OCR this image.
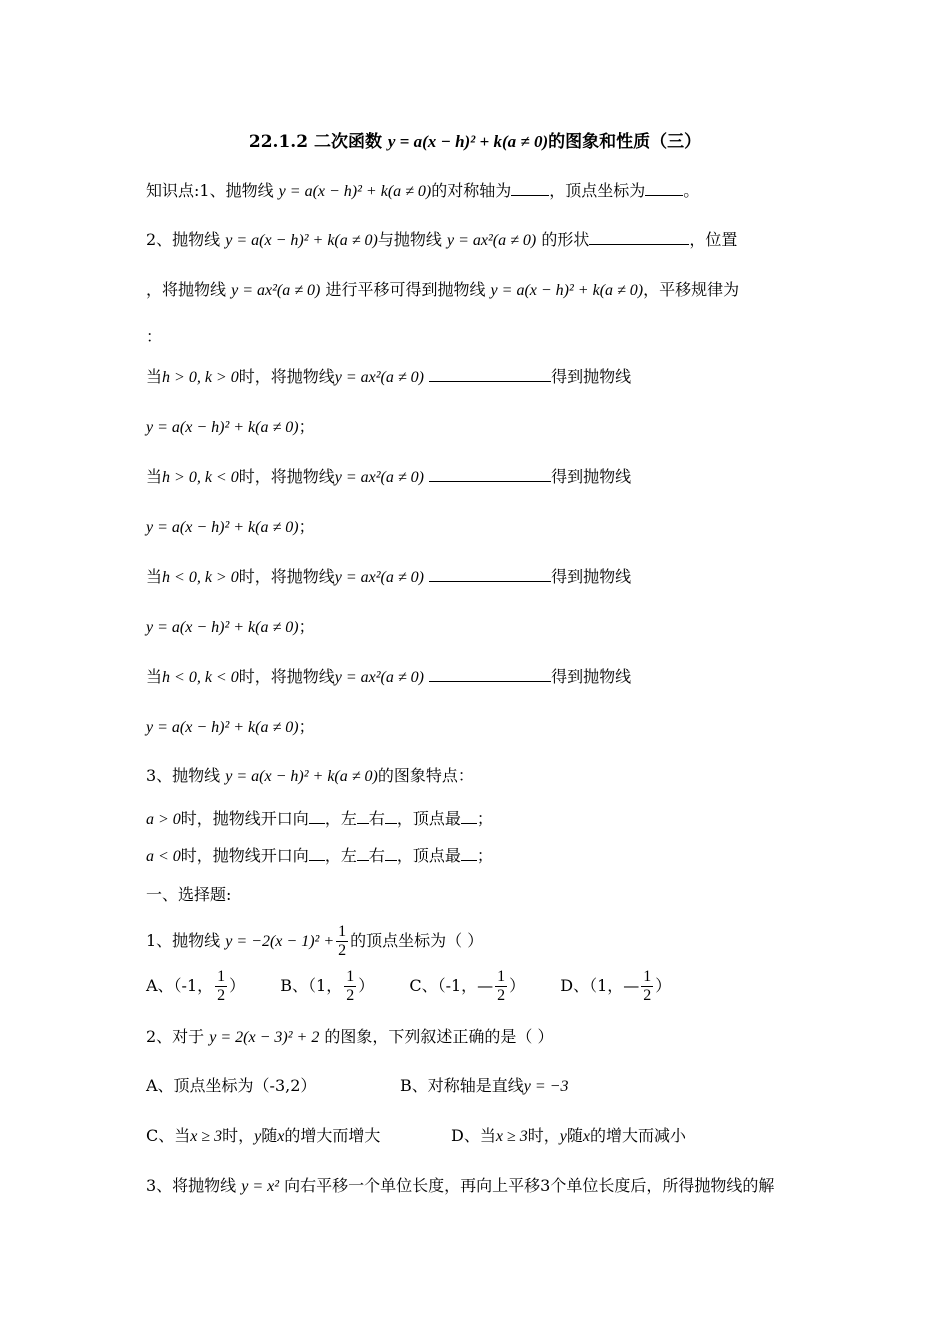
22.1.2 二次函数 y = a(x − h)² + k(a ≠ 0)的图象和性质（三）
知识点:1、抛物线 y = a(x − h)² + k(a ≠ 0)的对称轴为 ，顶点坐标为 。
2、抛物线 y = a(x − h)² + k(a ≠ 0)与抛物线 y = ax²(a ≠ 0) 的形状	，位置
，将抛物线 y = ax²(a ≠ 0) 进行平移可得到抛物线 y = a(x − h)² + k(a ≠ 0)，平移规律为
：
当h > 0, k > 0时，将抛物线y = ax²(a ≠ 0)	得到抛物线
y = a(x − h)² + k(a ≠ 0)；
当h > 0, k < 0时，将抛物线y = ax²(a ≠ 0)	得到抛物线
y = a(x − h)² + k(a ≠ 0)；
当h < 0, k > 0时，将抛物线y = ax²(a ≠ 0)	得到抛物线
y = a(x − h)² + k(a ≠ 0)；
当h < 0, k < 0时，将抛物线y = ax²(a ≠ 0)	得到抛物线
y = a(x − h)² + k(a ≠ 0)；
3、抛物线 y = a(x − h)² + k(a ≠ 0)的图象特点：
a > 0时，抛物线开口向 ，左 右 ，顶点最 ；
a < 0时，抛物线开口向 ，左 右 ，顶点最 ；
一、选择题:
1、抛物线 $y = -2(x - 1)^2 + \frac{1}{2}$ 的顶点坐标为（ ）
A、（-1， $\frac{1}{2}$ ） B、（1， $\frac{1}{2}$ ） C、（-1，— $\frac{1}{2}$ ） D、（1，— $\frac{1}{2}$ ）
2、对于 y = 2(x − 3)² + 2 的图象，下列叙述正确的是（ ）
A、顶点坐标为（-3,2）	B、对称轴是直线y = −3
C、当x ≥ 3时，y随x的增大而增大	D、当x ≥ 3时，y随x的增大而减小
3、将抛物线 y = x² 向右平移一个单位长度，再向上平移3个单位长度后，所得抛物线的解
